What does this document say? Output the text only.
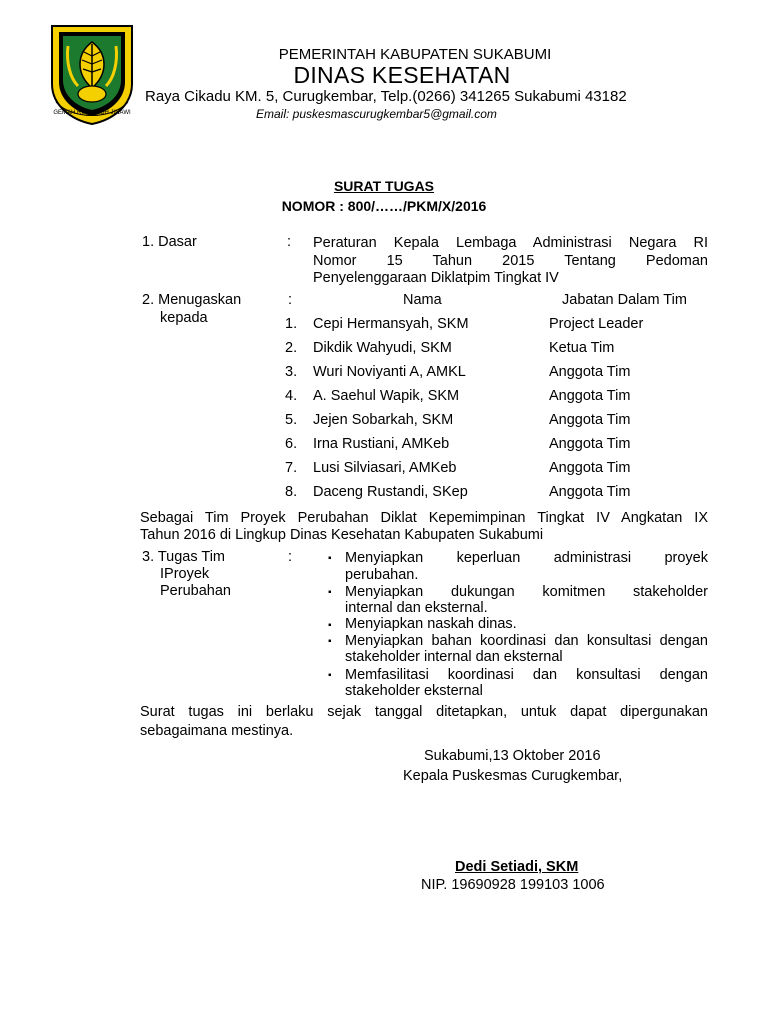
GEMAH RIPAH LOH JINAWI
PEMERINTAH KABUPATEN SUKABUMI
DINAS KESEHATAN
Raya Cikadu KM. 5, Curugkembar, Telp.(0266) 341265 Sukabumi 43182
Email: puskesmascurugkembar5@gmail.com
SURAT TUGAS
NOMOR : 800/……/PKM/X/2016
1. Dasar	: Peraturan Kepala Lembaga Administrasi Negara RI
Nomor 15 Tahun 2015 Tentang Pedoman
Penyelenggaraan Diklatpim Tingkat IV
2. Menugaskan
kepada
:	Nama	Jabatan Dalam Tim
1. Cepi Hermansyah, SKM	Project Leader
2. Dikdik Wahyudi, SKM	Ketua Tim
3. Wuri Noviyanti A, AMKL	Anggota Tim
4. A. Saehul Wapik, SKM	Anggota Tim
5. Jejen Sobarkah, SKM	Anggota Tim
6. Irna Rustiani, AMKeb	Anggota Tim
7. Lusi Silviasari, AMKeb	Anggota Tim
8. Daceng Rustandi, SKep	Anggota Tim
Sebagai Tim Proyek Perubahan Diklat Kepemimpinan Tingkat IV Angkatan IX
Tahun 2016 di Lingkup Dinas Kesehatan Kabupaten Sukabumi
3. Tugas Tim
IProyek
Perubahan
:	▪ Menyiapkan keperluan administrasi proyek
perubahan.
▪ Menyiapkan dukungan komitmen stakeholder
internal dan eksternal.
▪ Menyiapkan naskah dinas.
▪ Menyiapkan bahan koordinasi dan konsultasi dengan
stakeholder internal dan eksternal
▪ Memfasilitasi koordinasi dan konsultasi dengan
stakeholder eksternal
Surat tugas ini berlaku sejak tanggal ditetapkan, untuk dapat dipergunakan
sebagaimana mestinya.
Sukabumi,13 Oktober 2016
Kepala Puskesmas Curugkembar,
Dedi Setiadi, SKM
NIP. 19690928 199103 1006
